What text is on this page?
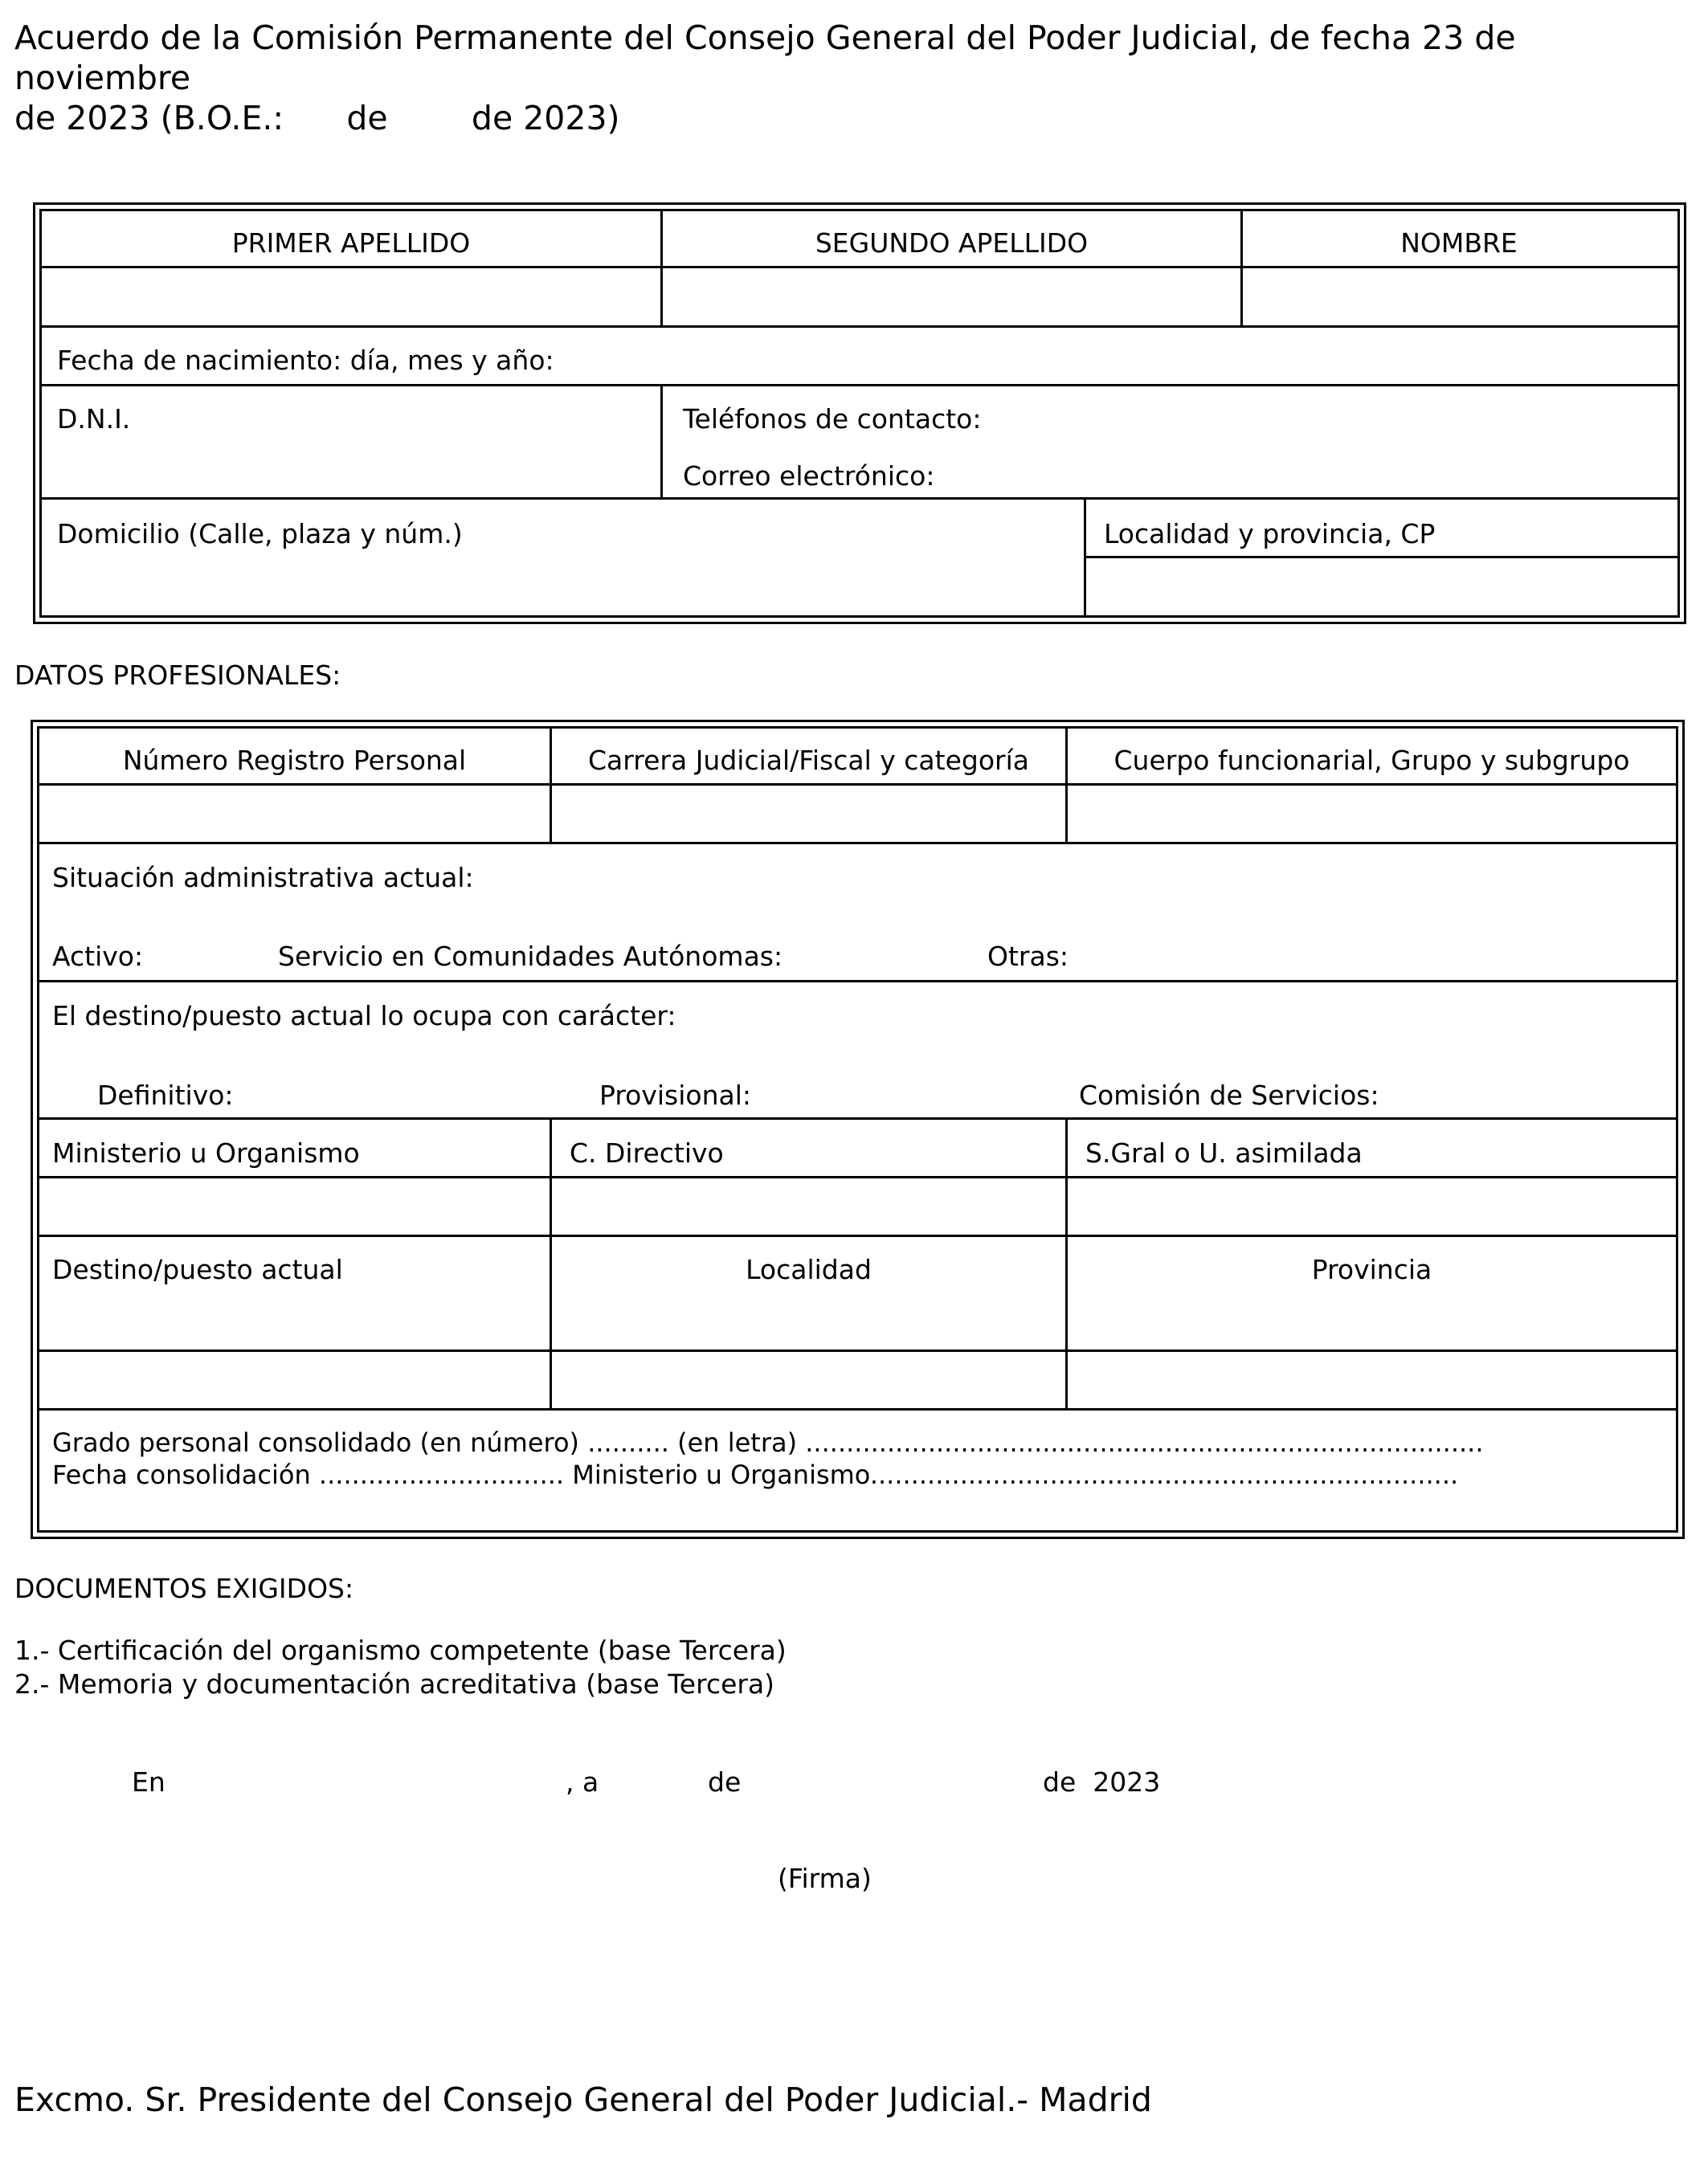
Acuerdo de la Comisión Permanente del Consejo General del Poder Judicial, de fecha 23 de noviembre
de 2023 (B.O.E.:      de        de 2023)
PRIMER APELLIDO	SEGUNDO APELLIDO	NOMBRE
Fecha de nacimiento: día, mes y año:
D.N.I.	Teléfonos de contacto:
Correo electrónico:
Domicilio (Calle, plaza y núm.)	Localidad y provincia, CP
DATOS PROFESIONALES:
Número Registro Personal	Carrera Judicial/Fiscal y categoría	Cuerpo funcionarial, Grupo y subgrupo
Situación administrativa actual:
Activo:	Servicio en Comunidades Autónomas:	Otras:
El destino/puesto actual lo ocupa con carácter:
Definitivo:	Provisional:	Comisión de Servicios:
Ministerio u Organismo	C. Directivo	S.Gral o U. asimilada
Destino/puesto actual	Localidad	Provincia
Grado personal consolidado (en número) .......... (en letra) ...................................................................................
Fecha consolidación .............................. Ministerio u Organismo........................................................................
DOCUMENTOS EXIGIDOS:
1.- Certificación del organismo competente (base Tercera)
2.- Memoria y documentación acreditativa (base Tercera)
En	, a	de	de  2023
(Firma)
Excmo. Sr. Presidente del Consejo General del Poder Judicial.- Madrid
